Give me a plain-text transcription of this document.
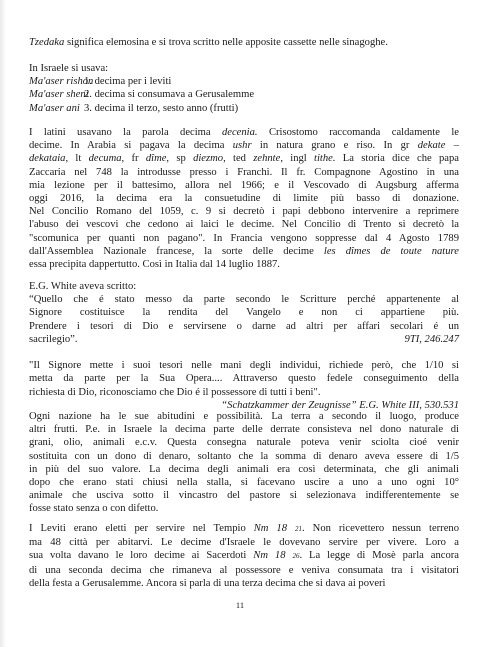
Tzedaka significa elemosina e si trova scritto nelle apposite cassette nelle sinagoghe.
In Israele si usava:
Ma'aser rishon
1. decima per i leviti
Ma'aser sheni
2. decima si consumava a Gerusalemme
Ma'aser ani 3. decima il terzo, sesto anno (frutti)
I latini usavano la parola decima decenia. Crisostomo raccomanda caldamente le
decime. In Arabia si pagava la decima ushr in natura grano e riso. In gr dekate –
dekataia, lt decuma, fr dîme, sp diezmo, ted zehnte, ingl tithe. La storia dice che papa
Zaccaria nel 748 la introdusse presso i Franchi. Il fr. Compagnone Agostino in una
mia lezione per il battesimo, allora nel 1966; e il Vescovado di Augsburg afferma
oggi 2016, la decima era la consuetudine di limite più basso di donazione.
Nel Concilio Romano del 1059, c. 9 si decretò i papi debbono intervenire a reprimere
l'abuso dei vescovi che cedono ai laici le decime. Nel Concilio di Trento si decretò la
"scomunica per quanti non pagano". In Francia vengono soppresse dal 4 Agosto 1789
dall'Assemblea Nazionale francese, la sorte delle decime les dîmes de toute nature
essa precipita dappertutto. Così in Italia dal 14 luglio 1887.
E.G. White aveva scritto:
“Quello che é stato messo da parte secondo le Scritture perché appartenente al
Signore costituisce la rendita del Vangelo e non ci appartiene più.
Prendere i tesori di Dio e servirsene o darne ad altri per affari secolari é un
sacrilegio”.	9TI, 246.247
"Il Signore mette i suoi tesori nelle mani degli individui, richiede però, che 1/10 si
metta da parte per la Sua Opera.... Attraverso questo fedele conseguimento della
richiesta di Dio, riconosciamo che Dio é il possessore di tutti i beni".
“Schatzkammer der Zeugnisse” E.G. White III, 530.531
Ogni nazione ha le sue abitudini e possibilità. La terra a secondo il luogo, produce
altri frutti. P.e. in Israele la decima parte delle derrate consisteva nel dono naturale di
grani, olio, animali e.c.v. Questa consegna naturale poteva venir sciolta cioé venir
sostituita con un dono di denaro, soltanto che la somma di denaro aveva essere di 1/5
in più del suo valore. La decima degli animali era così determinata, che gli animali
dopo che erano stati chiusi nella stalla, si facevano uscire a uno a uno ogni 10°
animale che usciva sotto il vincastro del pastore si selezionava indifferentemente se
fosse stato senza o con difetto.
I Leviti erano eletti per servire nel Tempio Nm 18 21. Non ricevettero nessun terreno
ma 48 città per abitarvi. Le decime d'Israele le dovevano servire per vivere. Loro a
sua volta davano le loro decime ai Sacerdoti Nm 18 26. La legge di Mosè parla ancora
di una seconda decima che rimaneva al possessore e veniva consumata tra i visitatori
della festa a Gerusalemme. Ancora si parla di una terza decima che si dava ai poveri
11
